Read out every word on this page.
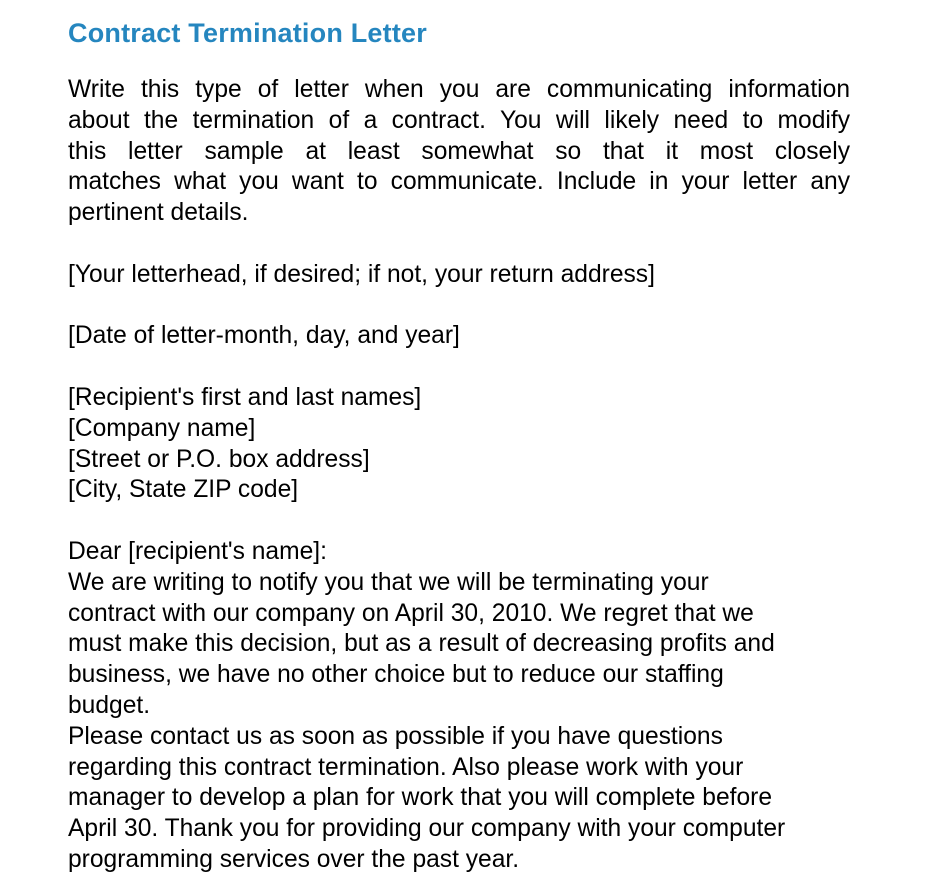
Contract Termination Letter
Write this type of letter when you are communicating information
about the termination of a contract. You will likely need to modify
this letter sample at least somewhat so that it most closely
matches what you want to communicate. Include in your letter any
pertinent details.
[Your letterhead, if desired; if not, your return address]
[Date of letter-month, day, and year]
[Recipient's first and last names]
[Company name]
[Street or P.O. box address]
[City, State ZIP code]
Dear [recipient's name]:
We are writing to notify you that we will be terminating your
contract with our company on April 30, 2010. We regret that we
must make this decision, but as a result of decreasing profits and
business, we have no other choice but to reduce our staffing
budget.
Please contact us as soon as possible if you have questions
regarding this contract termination. Also please work with your
manager to develop a plan for work that you will complete before
April 30. Thank you for providing our company with your computer
programming services over the past year.
